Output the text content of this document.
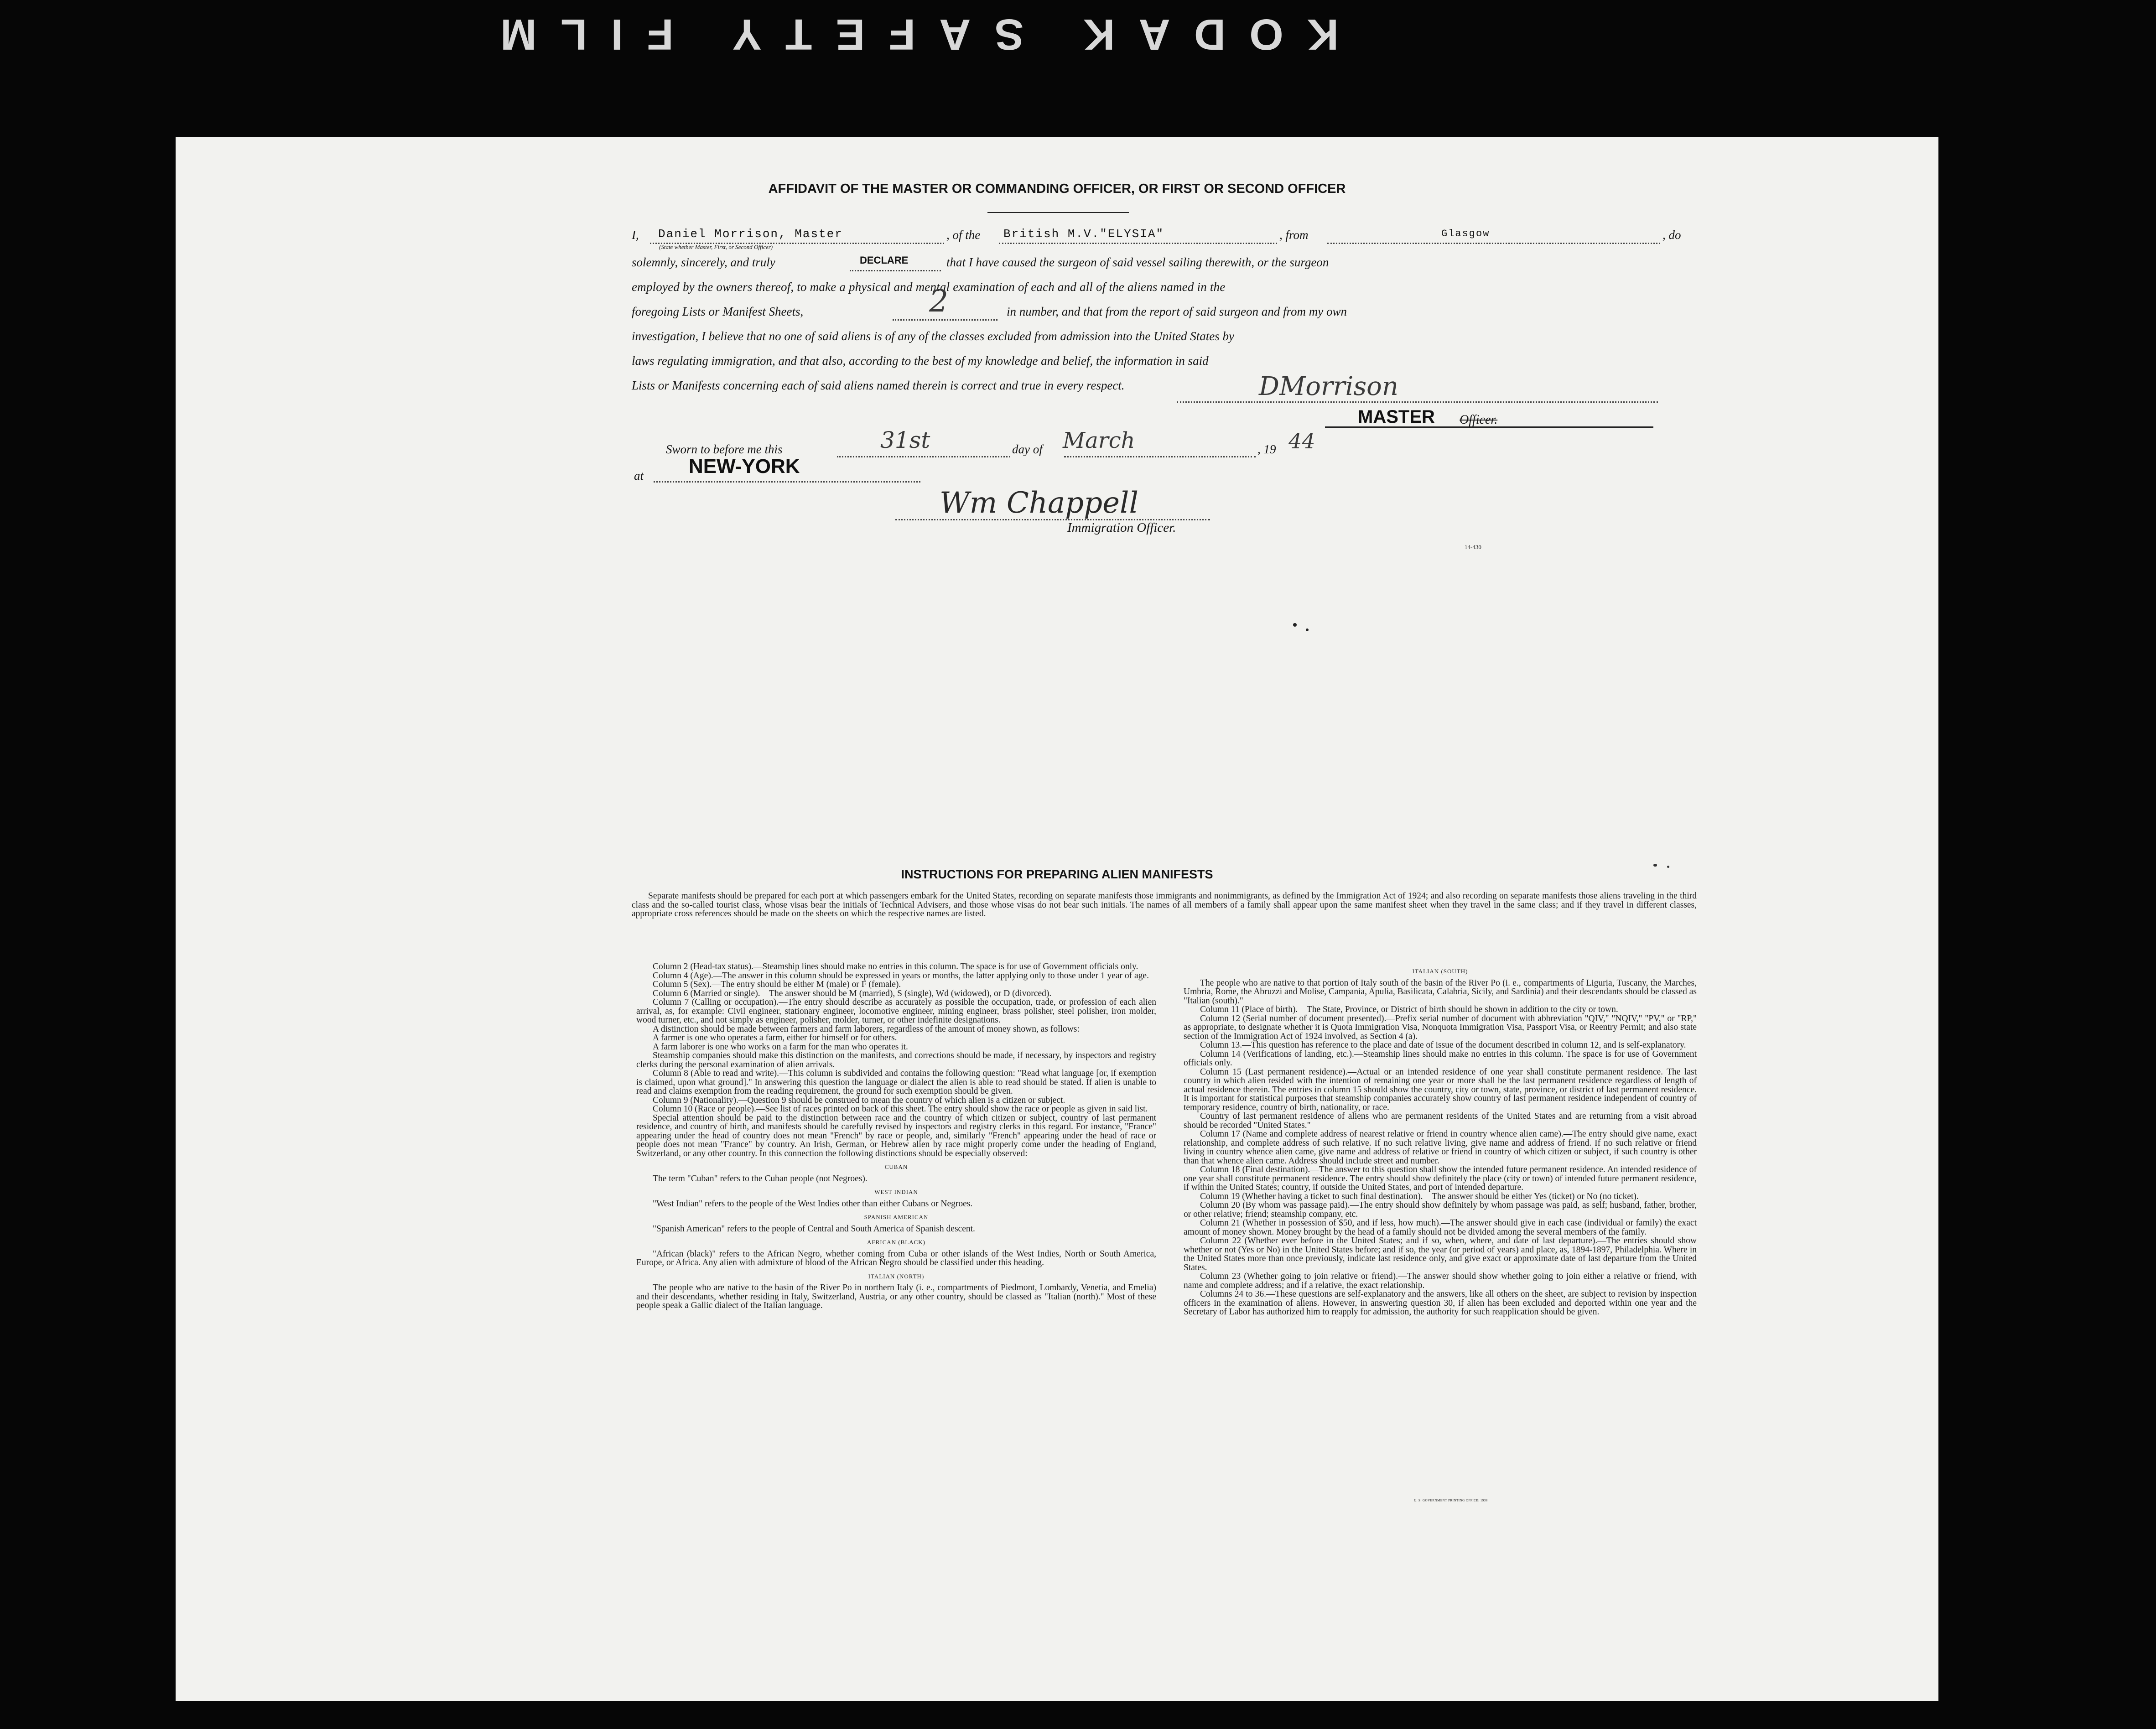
KODAK SAFETY FILM
AFFIDAVIT OF THE MASTER OR COMMANDING OFFICER, OR FIRST OR SECOND OFFICER
I, Daniel Morrison, Master
(State whether Master, First, or Second Officer)
, of the British M.V."ELYSIA"	, from	Glasgow	, do
solemnly, sincerely, and truly	DECLARE	that I have caused the surgeon of said vessel sailing therewith, or the surgeon
employed by the owners thereof, to make a physical and mental examination of each and all of the aliens named in the
foregoing Lists or Manifest Sheets,	2	in number, and that from the report of said surgeon and from my own
investigation, I believe that no one of said aliens is of any of the classes excluded from admission into the United States by
laws regulating immigration, and that also, according to the best of my knowledge and belief, the information in said
Lists or Manifests concerning each of said aliens named therein is correct and true in every respect.	DMorrison
MASTER Officer.
Sworn to before me this	31st	day of March	, 19 44
at NEW-YORK
Wm Chappell
Immigration Officer.
14-430
INSTRUCTIONS FOR PREPARING ALIEN MANIFESTS
Separate manifests should be prepared for each port at which passengers embark for the United States, recording on separate manifests those immigrants and nonimmigrants, as defined by the Immigration Act of 1924; and also recording on separate manifests those aliens traveling in the third class and the so-called tourist class, whose visas bear the initials of Technical Advisers, and those whose visas do not bear such initials. The names of all members of a family shall appear upon the same manifest sheet when they travel in the same class; and if they travel in different classes, appropriate cross references should be made on the sheets on which the respective names are listed.

Column 2 (Head-tax status).—Steamship lines should make no entries in this column. The space is for use of Government officials only.

Column 4 (Age).—The answer in this column should be expressed in years or months, the latter applying only to those under 1 year of age.

Column 5 (Sex).—The entry should be either M (male) or F (female).

Column 6 (Married or single).—The answer should be M (married), S (single), Wd (widowed), or D (divorced).

Column 7 (Calling or occupation).—The entry should describe as accurately as possible the occupation, trade, or profession of each alien arrival, as, for example: Civil engineer, stationary engineer, locomotive engineer, mining engineer, brass polisher, steel polisher, iron molder, wood turner, etc., and not simply as engineer, polisher, molder, turner, or other indefinite designations.

A distinction should be made between farmers and farm laborers, regardless of the amount of money shown, as follows:

A farmer is one who operates a farm, either for himself or for others.

A farm laborer is one who works on a farm for the man who operates it.

Steamship companies should make this distinction on the manifests, and corrections should be made, if necessary, by inspectors and registry clerks during the personal examination of alien arrivals.

Column 8 (Able to read and write).—This column is subdivided and contains the following question: "Read what language [or, if exemption is claimed, upon what ground]." In answering this question the language or dialect the alien is able to read should be stated. If alien is unable to read and claims exemption from the reading requirement, the ground for such exemption should be given.

Column 9 (Nationality).—Question 9 should be construed to mean the country of which alien is a citizen or subject.

Column 10 (Race or people).—See list of races printed on back of this sheet. The entry should show the race or people as given in said list.

Special attention should be paid to the distinction between race and the country of which citizen or subject, country of last permanent residence, and country of birth, and manifests should be carefully revised by inspectors and registry clerks in this regard. For instance, "France" appearing under the head of country does not mean "French" by race or people, and, similarly "French" appearing under the head of race or people does not mean "France" by country. An Irish, German, or Hebrew alien by race might properly come under the heading of England, Switzerland, or any other country. In this connection the following distinctions should be especially observed:

CUBAN

The term "Cuban" refers to the Cuban people (not Negroes).

WEST INDIAN

"West Indian" refers to the people of the West Indies other than either Cubans or Negroes.

SPANISH AMERICAN

"Spanish American" refers to the people of Central and South America of Spanish descent.

AFRICAN (BLACK)

"African (black)" refers to the African Negro, whether coming from Cuba or other islands of the West Indies, North or South America, Europe, or Africa. Any alien with admixture of blood of the African Negro should be classified under this heading.

ITALIAN (NORTH)

The people who are native to the basin of the River Po in northern Italy (i. e., compartments of Piedmont, Lombardy, Venetia, and Emelia) and their descendants, whether residing in Italy, Switzerland, Austria, or any other country, should be classed as "Italian (north)." Most of these people speak a Gallic dialect of the Italian language.

ITALIAN (SOUTH)

The people who are native to that portion of Italy south of the basin of the River Po (i. e., compartments of Liguria, Tuscany, the Marches, Umbria, Rome, the Abruzzi and Molise, Campania, Apulia, Basilicata, Calabria, Sicily, and Sardinia) and their descendants should be classed as "Italian (south)."

Column 11 (Place of birth).—The State, Province, or District of birth should be shown in addition to the city or town.

Column 12 (Serial number of document presented).—Prefix serial number of document with abbreviation "QIV," "NQIV," "PV," or "RP," as appropriate, to designate whether it is Quota Immigration Visa, Nonquota Immigration Visa, Passport Visa, or Reentry Permit; and also state section of the Immigration Act of 1924 involved, as Section 4 (a).

Column 13.—This question has reference to the place and date of issue of the document described in column 12, and is self-explanatory.

Column 14 (Verifications of landing, etc.).—Steamship lines should make no entries in this column. The space is for use of Government officials only.

Column 15 (Last permanent residence).—Actual or an intended residence of one year shall constitute permanent residence. The last country in which alien resided with the intention of remaining one year or more shall be the last permanent residence regardless of length of actual residence therein. The entries in column 15 should show the country, city or town, state, province, or district of last permanent residence. It is important for statistical purposes that steamship companies accurately show country of last permanent residence independent of country of temporary residence, country of birth, nationality, or race.

Country of last permanent residence of aliens who are permanent residents of the United States and are returning from a visit abroad should be recorded "United States."

Column 17 (Name and complete address of nearest relative or friend in country whence alien came).—The entry should give name, exact relationship, and complete address of such relative. If no such relative living, give name and address of friend. If no such relative or friend living in country whence alien came, give name and address of relative or friend in country of which citizen or subject, if such country is other than that whence alien came. Address should include street and number.

Column 18 (Final destination).—The answer to this question shall show the intended future permanent residence. An intended residence of one year shall constitute permanent residence. The entry should show definitely the place (city or town) of intended future permanent residence, if within the United States; country, if outside the United States, and port of intended departure.

Column 19 (Whether having a ticket to such final destination).—The answer should be either Yes (ticket) or No (no ticket).

Column 20 (By whom was passage paid).—The entry should show definitely by whom passage was paid, as self; husband, father, brother, or other relative; friend; steamship company, etc.

Column 21 (Whether in possession of $50, and if less, how much).—The answer should give in each case (individual or family) the exact amount of money shown. Money brought by the head of a family should not be divided among the several members of the family.

Column 22 (Whether ever before in the United States; and if so, when, where, and date of last departure).—The entries should show whether or not (Yes or No) in the United States before; and if so, the year (or period of years) and place, as, 1894-1897, Philadelphia. Where in the United States more than once previously, indicate last residence only, and give exact or approximate date of last departure from the United States.

Column 23 (Whether going to join relative or friend).—The answer should show whether going to join either a relative or friend, with name and complete address; and if a relative, the exact relationship.

Columns 24 to 36.—These questions are self-explanatory and the answers, like all others on the sheet, are subject to revision by inspection officers in the examination of aliens. However, in answering question 30, if alien has been excluded and deported within one year and the Secretary of Labor has authorized him to reapply for admission, the authority for such reapplication should be given.

U. S. GOVERNMENT PRINTING OFFICE: 1938
